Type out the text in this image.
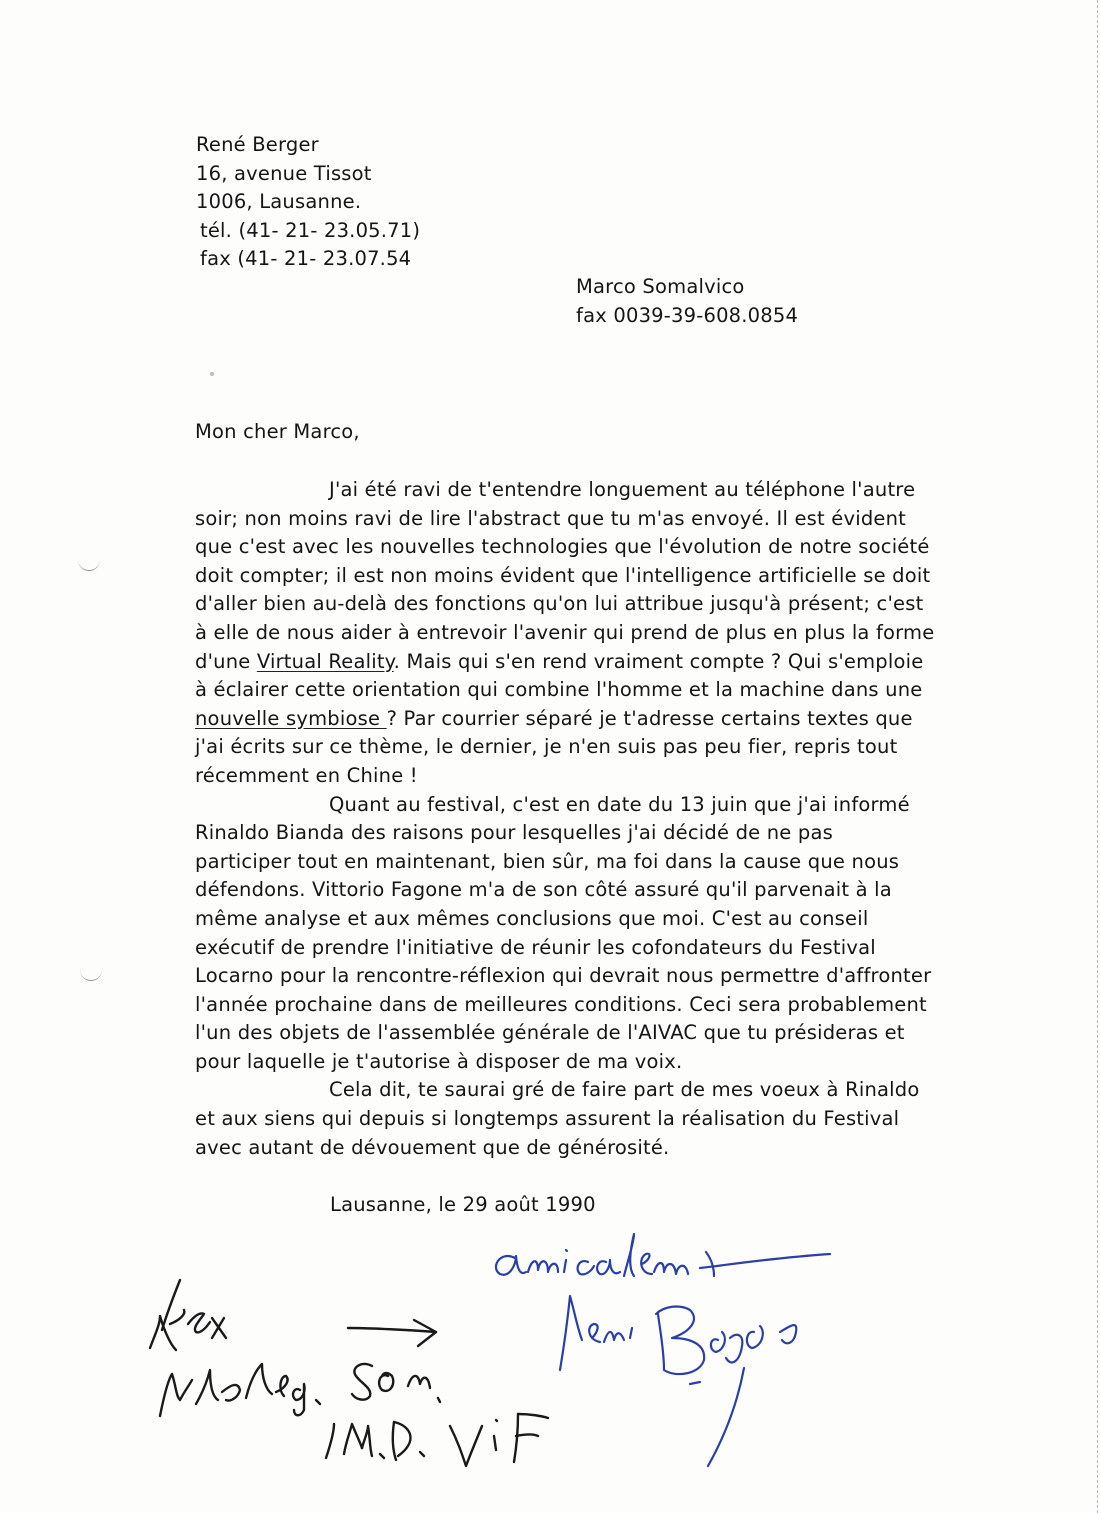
René Berger
16, avenue Tissot
1006, Lausanne.
tél. (41- 21- 23.05.71)
fax (41- 21- 23.07.54
Marco Somalvico
fax 0039-39-608.0854
Mon cher Marco,

J'ai été ravi de t'entendre longuement au téléphone l'autre soir; non moins ravi de lire l'abstract que tu m'as envoyé. Il est évident que c'est avec les nouvelles technologies que l'évolution de notre société doit compter; il est non moins évident que l'intelligence artificielle se doit d'aller bien au-delà des fonctions qu'on lui attribue jusqu'à présent; c'est à elle de nous aider à entrevoir l'avenir qui prend de plus en plus la forme d'une Virtual Reality. Mais qui s'en rend vraiment compte ? Qui s'emploie à éclairer cette orientation qui combine l'homme et la machine dans une nouvelle symbiose ? Par courrier séparé je t'adresse certains textes que j'ai écrits sur ce thème, le dernier, je n'en suis pas peu fier, repris tout récemment en Chine !

Quant au festival, c'est en date du 13 juin que j'ai informé Rinaldo Bianda des raisons pour lesquelles j'ai décidé de ne pas participer tout en maintenant, bien sûr, ma foi dans la cause que nous défendons. Vittorio Fagone m'a de son côté assuré qu'il parvenait à la même analyse et aux mêmes conclusions que moi. C'est au conseil exécutif de prendre l'initiative de réunir les cofondateurs du Festival Locarno pour la rencontre-réflexion qui devrait nous permettre d'affronter l'année prochaine dans de meilleures conditions. Ceci sera probablement l'un des objets de l'assemblée générale de l'AIVAC que tu présideras et pour laquelle je t'autorise à disposer de ma voix.

Cela dit, te saurai gré de faire part de mes voeux à Rinaldo et aux siens qui depuis si longtemps assurent la réalisation du Festival avec autant de dévouement que de générosité.

Lausanne, le 29 août 1990
